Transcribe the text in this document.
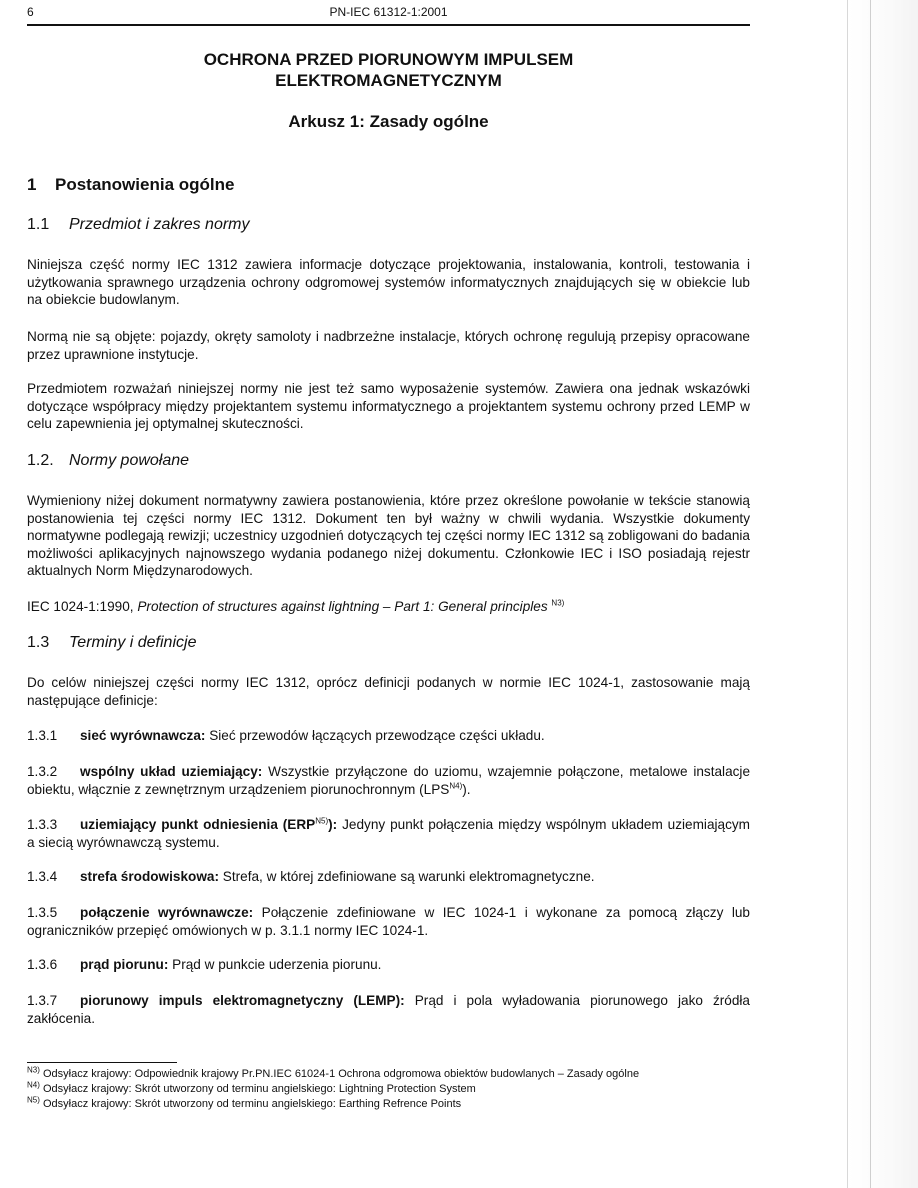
6	PN-IEC 61312-1:2001
OCHRONA PRZED PIORUNOWYM IMPULSEM
ELEKTROMAGNETYCZNYM
Arkusz 1: Zasady ogólne
1 Postanowienia ogólne
1.1 Przedmiot i zakres normy
Niniejsza część normy IEC 1312 zawiera informacje dotyczące projektowania, instalowania, kontroli, testowania i użytkowania sprawnego urządzenia ochrony odgromowej systemów informatycznych znajdujących się w obiekcie lub na obiekcie budowlanym.
Normą nie są objęte: pojazdy, okręty samoloty i nadbrzeżne instalacje, których ochronę regulują przepisy opracowane przez uprawnione instytucje.
Przedmiotem rozważań niniejszej normy nie jest też samo wyposażenie systemów. Zawiera ona jednak wskazówki dotyczące współpracy między projektantem systemu informatycznego a projektantem systemu ochrony przed LEMP w celu zapewnienia jej optymalnej skuteczności.
1.2. Normy powołane
Wymieniony niżej dokument normatywny zawiera postanowienia, które przez określone powołanie w tekście stanowią postanowienia tej części normy IEC 1312. Dokument ten był ważny w chwili wydania. Wszystkie dokumenty normatywne podlegają rewizji; uczestnicy uzgodnień dotyczących tej części normy IEC 1312 są zobligowani do badania możliwości aplikacyjnych najnowszego wydania podanego niżej dokumentu. Członkowie IEC i ISO posiadają rejestr aktualnych Norm Międzynarodowych.
IEC 1024-1:1990, Protection of structures against lightning – Part 1: General principles $^{N3)}$
1.3 Terminy i definicje
Do celów niniejszej części normy IEC 1312, oprócz definicji podanych w normie IEC 1024-1, zastosowanie mają następujące definicje:
1.3.1 sieć wyrównawcza: Sieć przewodów łączących przewodzące części układu.
1.3.2 wspólny układ uziemiający: Wszystkie przyłączone do uziomu, wzajemnie połączone, metalowe instalacje obiektu, włącznie z zewnętrznym urządzeniem piorunochronnym $(LPS^{N4)})$.
1.3.3 uziemiający punkt odniesienia $(ERP^{N5)})$: Jedyny punkt połączenia między wspólnym układem uziemiającym a siecią wyrównawczą systemu.
1.3.4 strefa środowiskowa: Strefa, w której zdefiniowane są warunki elektromagnetyczne.
1.3.5 połączenie wyrównawcze: Połączenie zdefiniowane w IEC 1024-1 i wykonane za pomocą złączy lub ograniczników przepięć omówionych w p. 3.1.1 normy IEC 1024-1.
1.3.6 prąd piorunu: Prąd w punkcie uderzenia piorunu.
1.3.7 piorunowy impuls elektromagnetyczny (LEMP): Prąd i pola wyładowania piorunowego jako źródła zakłócenia.
$^{N3)}$ Odsyłacz krajowy: Odpowiednik krajowy Pr.PN.IEC 61024-1 Ochrona odgromowa obiektów budowlanych – Zasady ogólne
$^{N4)}$ Odsyłacz krajowy: Skrót utworzony od terminu angielskiego: Lightning Protection System
$^{N5)}$ Odsyłacz krajowy: Skrót utworzony od terminu angielskiego: Earthing Refrence Points
